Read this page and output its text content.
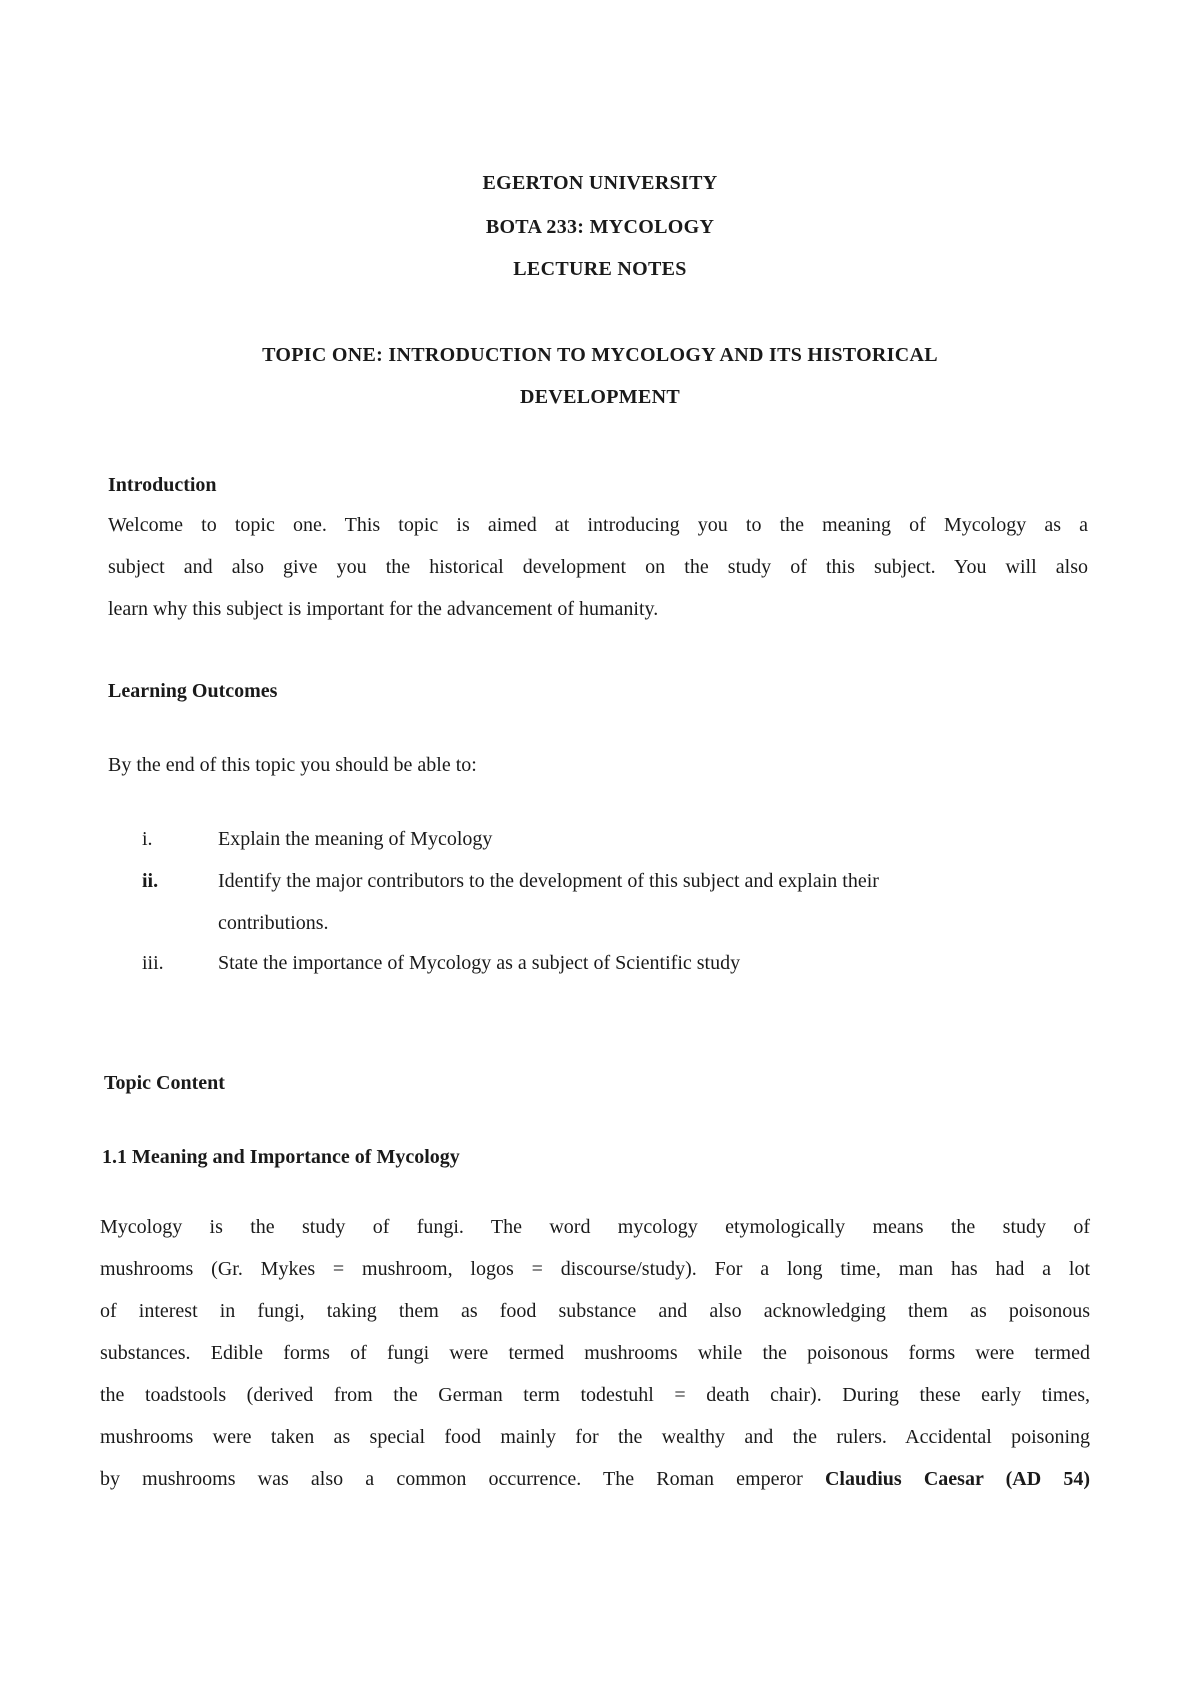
EGERTON UNIVERSITY
BOTA 233: MYCOLOGY
LECTURE NOTES
TOPIC ONE: INTRODUCTION TO MYCOLOGY AND ITS HISTORICAL
DEVELOPMENT
Introduction
Welcome to topic one. This topic is aimed at introducing you to the meaning of Mycology as a
subject and also give you the historical development on the study of this subject. You will also
learn why this subject is important for the advancement of humanity.
Learning Outcomes
By the end of this topic you should be able to:
i.	Explain the meaning of Mycology
ii.	Identify the major contributors to the development of this subject and explain their
contributions.
iii.	State the importance of Mycology as a subject of Scientific study
Topic Content
1.1 Meaning and Importance of Mycology
Mycology is the study of fungi. The word mycology etymologically means the study of
mushrooms (Gr. Mykes = mushroom, logos = discourse/study). For a long time, man has had a lot
of interest in fungi, taking them as food substance and also acknowledging them as poisonous
substances. Edible forms of fungi were termed mushrooms while the poisonous forms were termed
the toadstools (derived from the German term todestuhl = death chair). During these early times,
mushrooms were taken as special food mainly for the wealthy and the rulers. Accidental poisoning
by mushrooms was also a common occurrence. The Roman emperor Claudius Caesar (AD 54)
